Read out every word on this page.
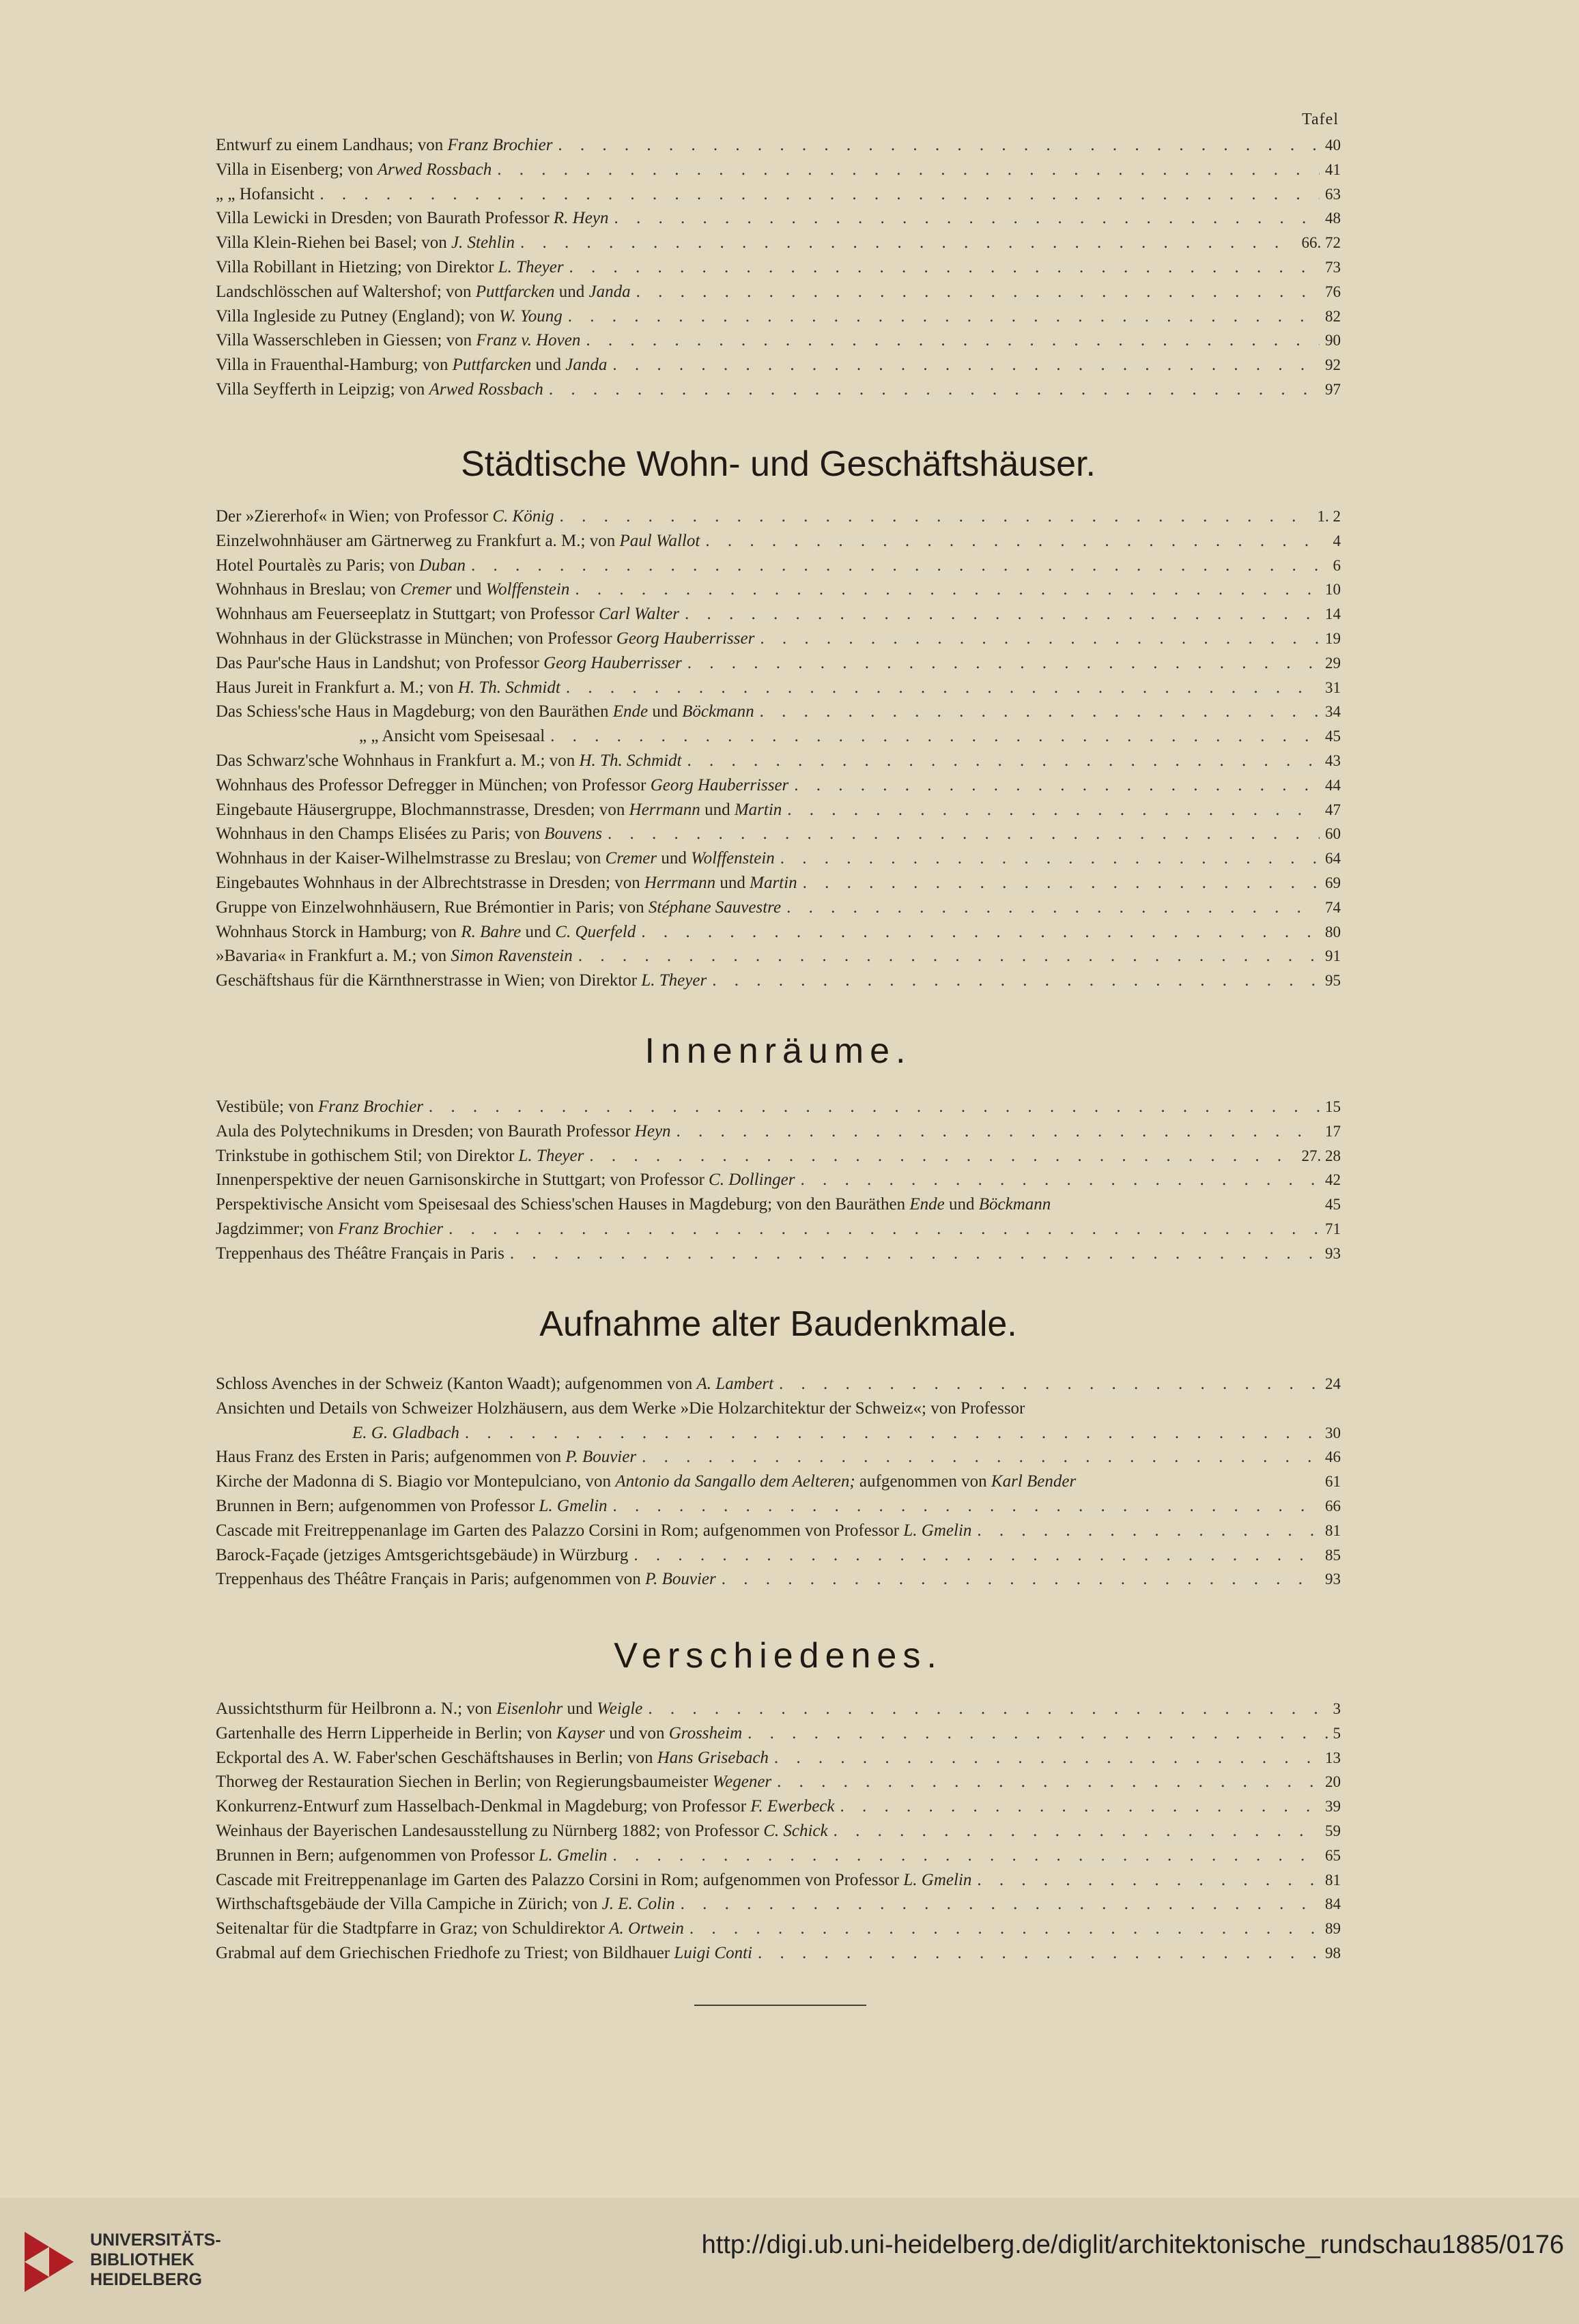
Tafel
Entwurf zu einem Landhaus; von Franz Brochier . . .	40
Villa in Eisenberg; von Arwed Rossbach . . .	41
„ „ Hofansicht . . .	63
Villa Lewicki in Dresden; von Baurath Professor R. Heyn . . .	48
Villa Klein-Riehen bei Basel; von J. Stehlin . . .	66. 72
Villa Robillant in Hietzing; von Direktor L. Theyer . . .	73
Landschlösschen auf Waltershof; von Puttfarcken und Janda . . .	76
Villa Ingleside zu Putney (England); von W. Young . . .	82
Villa Wasserschleben in Giessen; von Franz v. Hoven . . .	90
Villa in Frauenthal-Hamburg; von Puttfarcken und Janda . . .	92
Villa Seyfferth in Leipzig; von Arwed Rossbach . . .	97
Städtische Wohn- und Geschäftshäuser.
Der »Ziererhof« in Wien; von Professor C. König . . .	1. 2
Einzelwohnhäuser am Gärtnerweg zu Frankfurt a. M.; von Paul Wallot . . .	4
Hotel Pourtalès zu Paris; von Duban . . .	6
Wohnhaus in Breslau; von Cremer und Wolffenstein . . .	10
Wohnhaus am Feuerseeplatz in Stuttgart; von Professor Carl Walter . . .	14
Wohnhaus in der Glückstrasse in München; von Professor Georg Hauberrisser . . .	19
Das Paur'sche Haus in Landshut; von Professor Georg Hauberrisser . . .	29
Haus Jureit in Frankfurt a. M.; von H. Th. Schmidt . . .	31
Das Schiess'sche Haus in Magdeburg; von den Bauräthen Ende und Böckmann . . .	34
„ „ Ansicht vom Speisesaal . . .	45
Das Schwarz'sche Wohnhaus in Frankfurt a. M.; von H. Th. Schmidt . . .	43
Wohnhaus des Professor Defregger in München; von Professor Georg Hauberrisser . . .	44
Eingebaute Häusergruppe, Blochmannstrasse, Dresden; von Herrmann und Martin . . .	47
Wohnhaus in den Champs Elisées zu Paris; von Bouvens . . .	60
Wohnhaus in der Kaiser-Wilhelmstrasse zu Breslau; von Cremer und Wolffenstein . . .	64
Eingebautes Wohnhaus in der Albrechtstrasse in Dresden; von Herrmann und Martin . . .	69
Gruppe von Einzelwohnhäusern, Rue Brémontier in Paris; von Stéphane Sauvestre . . .	74
Wohnhaus Storck in Hamburg; von R. Bahre und C. Querfeld . . .	80
»Bavaria« in Frankfurt a. M.; von Simon Ravenstein . . .	91
Geschäftshaus für die Kärnthnerstrasse in Wien; von Direktor L. Theyer . . .	95
Innenräume.
Vestibüle; von Franz Brochier . . .	15
Aula des Polytechnikums in Dresden; von Baurath Professor Heyn . . .	17
Trinkstube in gothischem Stil; von Direktor L. Theyer . . .	27. 28
Innenperspektive der neuen Garnisonskirche in Stuttgart; von Professor C. Dollinger . . .	42
Perspektivische Ansicht vom Speisesaal des Schiess'schen Hauses in Magdeburg; von den Bauräthen Ende und Böckmann	45
Jagdzimmer; von Franz Brochier . . .	71
Treppenhaus des Théâtre Français in Paris . . .	93
Aufnahme alter Baudenkmale.
Schloss Avenches in der Schweiz (Kanton Waadt); aufgenommen von A. Lambert . . .	24
Ansichten und Details von Schweizer Holzhäusern, aus dem Werke »Die Holzarchitektur der Schweiz«; von Professor
E. G. Gladbach . . .	30
Haus Franz des Ersten in Paris; aufgenommen von P. Bouvier . . .	46
Kirche der Madonna di S. Biagio vor Montepulciano, von Antonio da Sangallo dem Aelteren; aufgenommen von Karl Bender	61
Brunnen in Bern; aufgenommen von Professor L. Gmelin . . .	66
Cascade mit Freitreppenanlage im Garten des Palazzo Corsini in Rom; aufgenommen von Professor L. Gmelin . . .	81
Barock-Façade (jetziges Amtsgerichtsgebäude) in Würzburg . . .	85
Treppenhaus des Théâtre Français in Paris; aufgenommen von P. Bouvier . . .	93
Verschiedenes.
Aussichtsthurm für Heilbronn a. N.; von Eisenlohr und Weigle . . .	3
Gartenhalle des Herrn Lipperheide in Berlin; von Kayser und von Grossheim . . .	5
Eckportal des A. W. Faber'schen Geschäftshauses in Berlin; von Hans Grisebach . . .	13
Thorweg der Restauration Siechen in Berlin; von Regierungsbaumeister Wegener . . .	20
Konkurrenz-Entwurf zum Hasselbach-Denkmal in Magdeburg; von Professor F. Ewerbeck . . .	39
Weinhaus der Bayerischen Landesausstellung zu Nürnberg 1882; von Professor C. Schick . . .	59
Brunnen in Bern; aufgenommen von Professor L. Gmelin . . .	65
Cascade mit Freitreppenanlage im Garten des Palazzo Corsini in Rom; aufgenommen von Professor L. Gmelin . . .	81
Wirthschaftsgebäude der Villa Campiche in Zürich; von J. E. Colin . . .	84
Seitenaltar für die Stadtpfarre in Graz; von Schuldirektor A. Ortwein . . .	89
Grabmal auf dem Griechischen Friedhofe zu Triest; von Bildhauer Luigi Conti . . .	98
UNIVERSITÄTS-
BIBLIOTHEK
HEIDELBERG
http://digi.ub.uni-heidelberg.de/diglit/architektonische_rundschau1885/0176
